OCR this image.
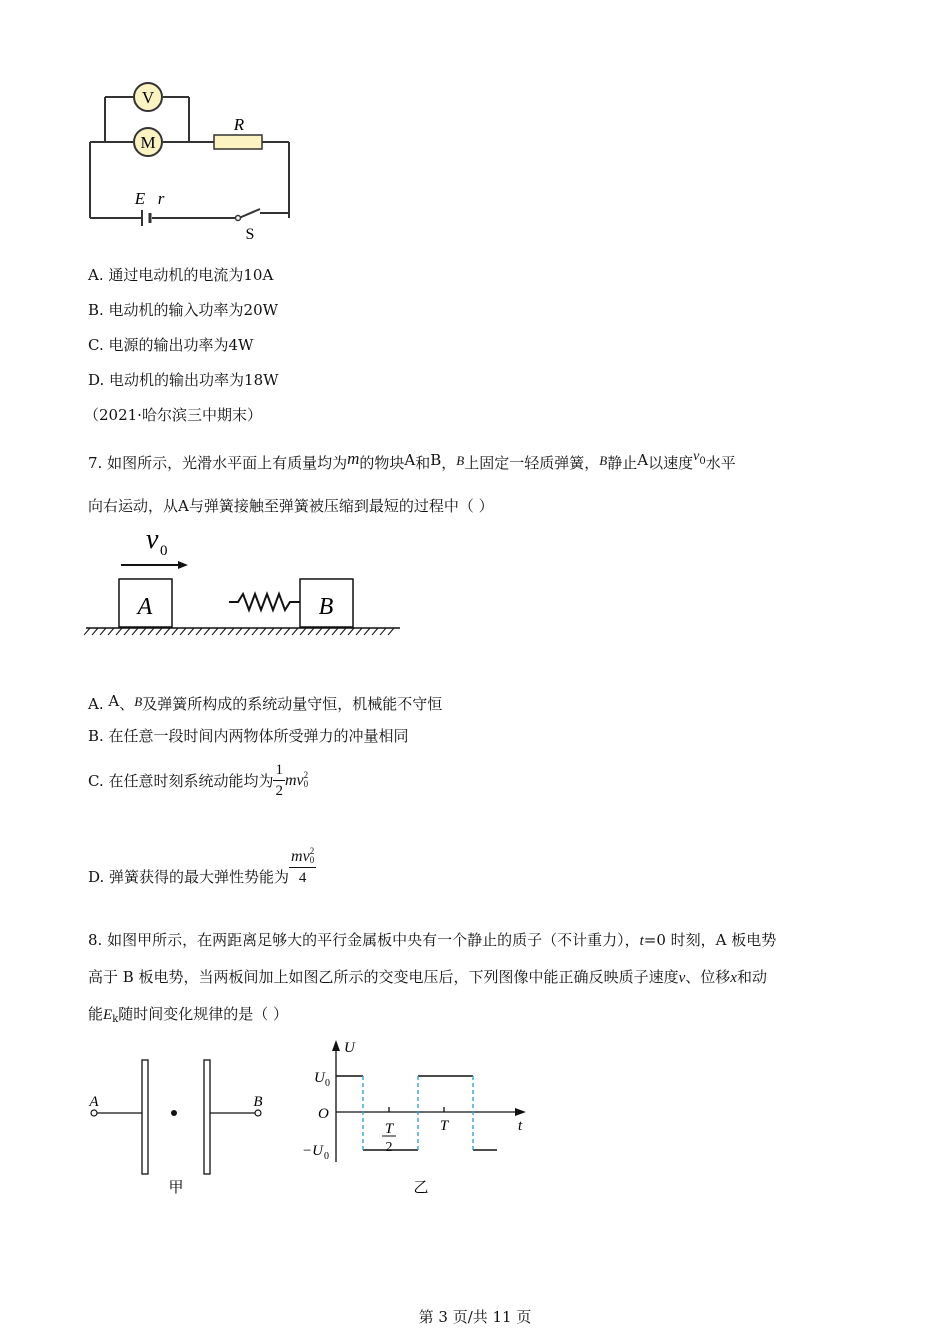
V
M
R
E r
S
A. 通过电动机的电流为10A
B. 电动机的输入功率为20W
C. 电源的输出功率为4W
D. 电动机的输出功率为18W
（2021·哈尔滨三中期末）
7. 如图所示，光滑水平面上有质量均为m的物块A和B，B上固定一轻质弹簧，B静止A以速度$v^0$水平
向右运动，从A与弹簧接触至弹簧被压缩到最短的过程中（ ）
v 0
A	B
A. A、B及弹簧所构成的系统动量守恒，机械能不守恒
B. 在任意一段时间内两物体所受弹力的冲量相同
C. 在任意时刻系统动能均为 $\frac{1}{2}$ mv 2
0
D. 弹簧获得的最大弹性势能为 mv 2
0
4
8. 如图甲所示，在两距离足够大的平行金属板中央有一个静止的质子（不计重力），t=0 时刻，A 板电势
高于 B 板电势，当两板间加上如图乙所示的交变电压后，下列图像中能正确反映质子速度v、位移x和动
能$E_k$随时间变化规律的是（ ）
A	B
甲
U
t
O
U 0
−U 0
T
2
T
乙
第 3 页/共 11 页
